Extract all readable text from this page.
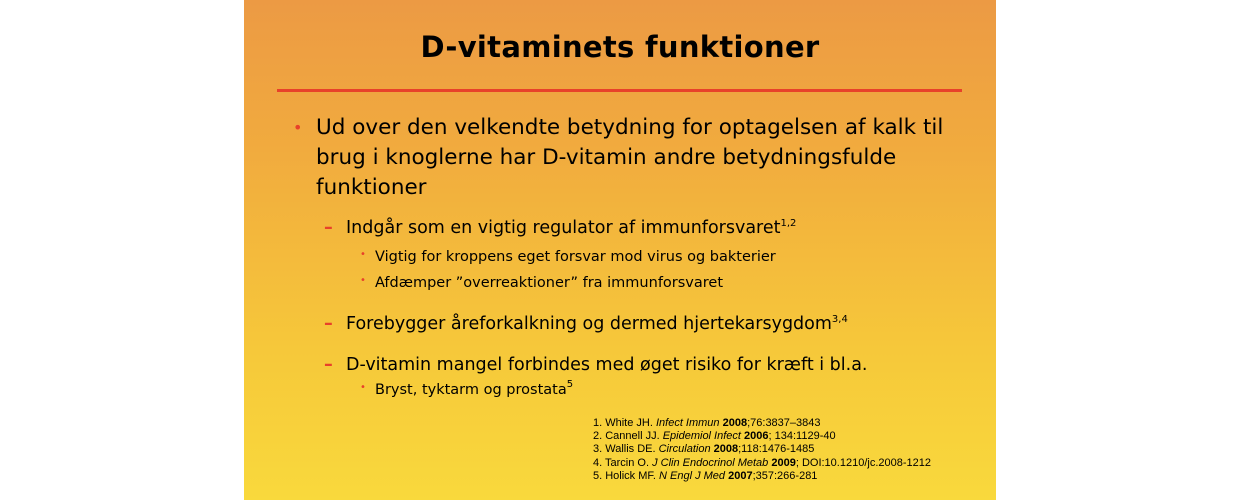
D-vitaminets funktioner
• Ud over den velkendte betydning for optagelsen af kalk til brug i knoglerne har D-vitamin andre betydningsfulde funktioner
– Indgår som en vigtig regulator af immunforsvaret$^{1,2}$
• Vigtig for kroppens eget forsvar mod virus og bakterier
• Afdæmper ”overreaktioner” fra immunforsvaret
– Forebygger åreforkalkning og dermed hjertekarsygdom$^{3,4}$
– D-vitamin mangel forbindes med øget risiko for kræft i bl.a.
• Bryst, tyktarm og prostata$^5$
1. White JH. Infect Immun 2008;76:3837–3843
2. Cannell JJ. Epidemiol Infect 2006; 134:1129-40
3. Wallis DE. Circulation 2008;118:1476-1485
4. Tarcin O. J Clin Endocrinol Metab 2009; DOI:10.1210/jc.2008-1212
5. Holick MF. N Engl J Med 2007;357:266-281
